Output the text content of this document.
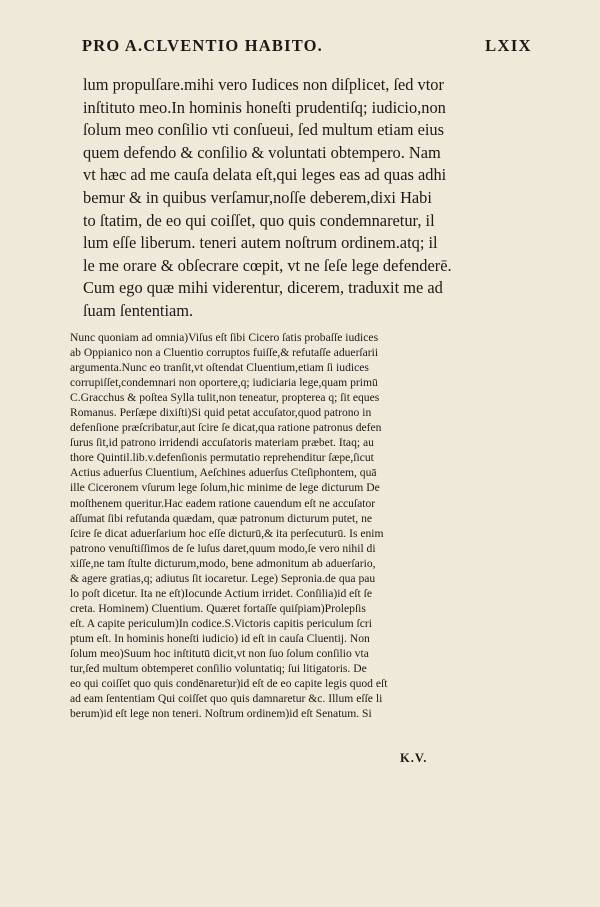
PRO A.CLVENTIO HABITO.	LXIX
lum propulſare.mihi vero Iudices non diſplicet, ſed vtor
inſtituto meo.In hominis honeſti prudentiſq; iudicio,non
ſolum meo conſilio vti conſueui, ſed multum etiam eius
quem defendo & conſilio & voluntati obtempero. Nam
vt hæc ad me cauſa delata eſt,qui leges eas ad quas adhi
bemur & in quibus verſamur,noſſe deberem,dixi Habi
to ſtatim, de eo qui coiſſet, quo quis condemnaretur, il
lum eſſe liberum. teneri autem noſtrum ordinem.atq; il
le me orare & obſecrare cœpit, vt ne ſeſe lege defenderē.
Cum ego quæ mihi viderentur, dicerem, traduxit me ad
ſuam ſententiam.
Nunc quoniam ad omnia)Viſus eſt ſibi Cicero ſatis probaſſe iudices
ab Oppianico non a Cluentio corruptos fuiſſe,& refutaſſe aduerſarii
argumenta.Nunc eo tranſit,vt oſtendat Cluentium,etiam ſi iudices
corrupiſſet,condemnari non oportere,q; iudiciaria lege,quam primū
C.Gracchus & poſtea Sylla tulit,non teneatur, propterea q; ſit eques
Romanus. Perſæpe dixiſti)Si quid petat accuſator,quod patrono in
defenſione præſcribatur,aut ſcire ſe dicat,qua ratione patronus defen
ſurus ſit,id patrono irridendi accuſatoris materiam præbet. Itaq; au
thore Quintil.lib.v.defenſionis permutatio reprehenditur ſæpe,ſicut
Actius aduerſus Cluentium, Aeſchines aduerſus Cteſiphontem, quā
ille Ciceronem vſurum lege ſolum,hic minime de lege dicturum De
moſthenem queritur.Hac eadem ratione cauendum eſt ne accuſator
aſſumat ſibi refutanda quædam, quæ patronum dicturum putet, ne
ſcire ſe dicat aduerſarium hoc eſſe dicturū,& ita perſecuturū. Is enim
patrono venuſtiſſimos de ſe luſus daret,quum modo,ſe vero nihil di
xiſſe,ne tam ſtulte dicturum,modo, bene admonitum ab aduerſario,
& agere gratias,q; adiutus ſit iocaretur. Lege) Sepronia.de qua pau
lo poſt dicetur. Ita ne eſt)Iocunde Actium irridet. Conſilia)id eſt ſe
creta. Hominem) Cluentium. Quæret fortaſſe quiſpiam)Prolepſis
eſt. A capite periculum)In codice.S.Victoris capitis periculum ſcri
ptum eſt. In hominis honeſti iudicio) id eſt in cauſa Cluentij. Non
ſolum meo)Suum hoc inſtitutū dicit,vt non ſuo ſolum conſilio vta
tur,ſed multum obtemperet conſilio voluntatiq; ſui litigatoris. De
eo qui coiſſet quo quis condēnaretur)id eſt de eo capite legis quod eſt
ad eam ſententiam Qui coiſſet quo quis damnaretur &c. Illum eſſe li
berum)id eſt lege non teneri. Noſtrum ordinem)id eſt Senatum. Si
K.V.
